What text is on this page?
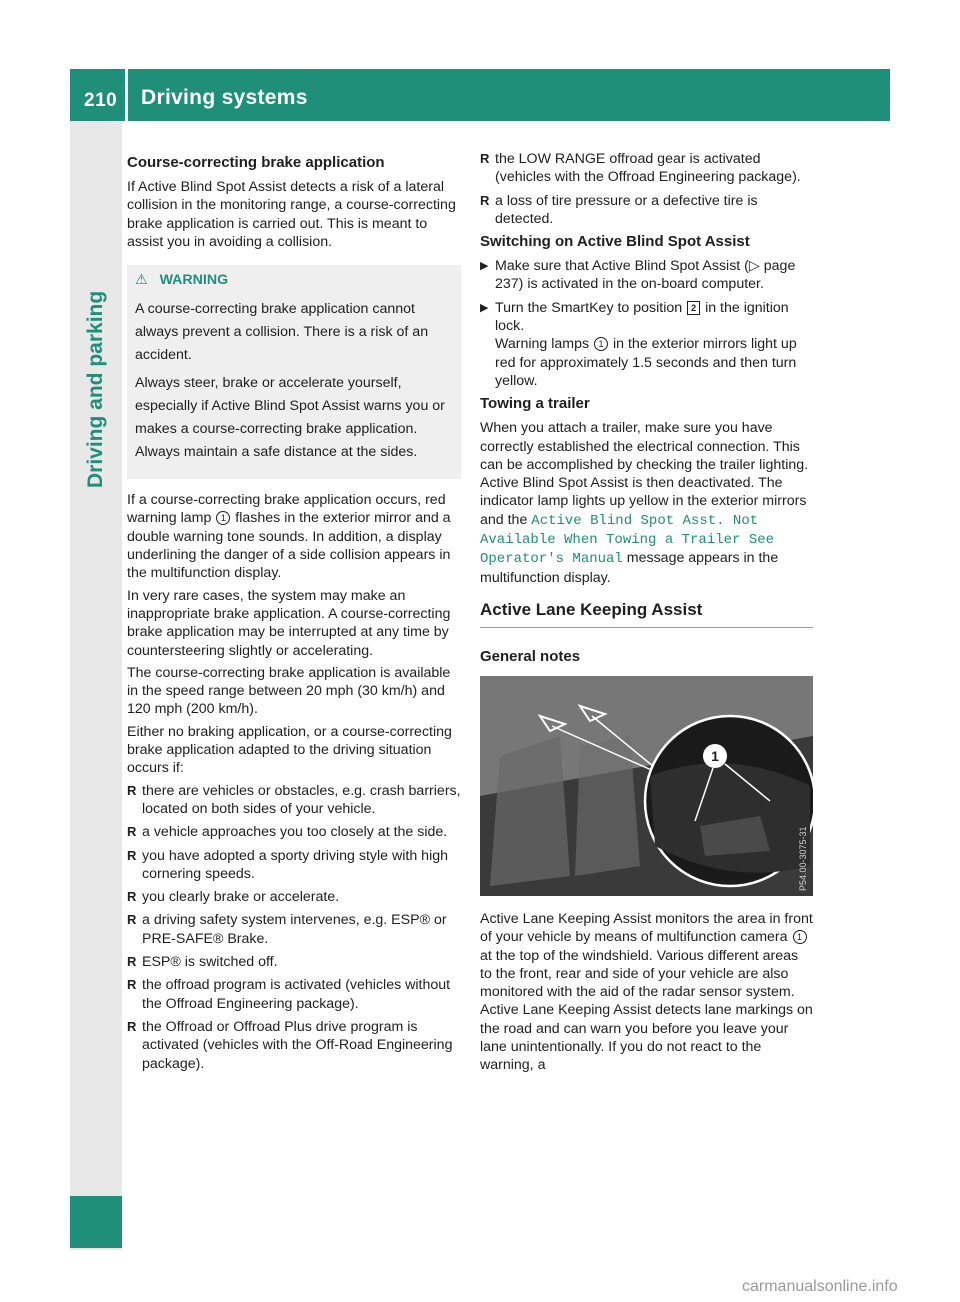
210 Driving systems
Driving and parking
Course-correcting brake application

If Active Blind Spot Assist detects a risk of a lateral collision in the monitoring range, a course-correcting brake application is carried out. This is meant to assist you in avoiding a collision.

⚠ WARNING

A course-correcting brake application cannot always prevent a collision. There is a risk of an accident.

Always steer, brake or accelerate yourself, especially if Active Blind Spot Assist warns you or makes a course-correcting brake application. Always maintain a safe distance at the sides.

If a course-correcting brake application occurs, red warning lamp 1 flashes in the exterior mirror and a double warning tone sounds. In addition, a display underlining the danger of a side collision appears in the multifunction display.

In very rare cases, the system may make an inappropriate brake application. A course-correcting brake application may be interrupted at any time by countersteering slightly or accelerating.

The course-correcting brake application is available in the speed range between 20 mph (30 km/h) and 120 mph (200 km/h).

Either no braking application, or a course-correcting brake application adapted to the driving situation occurs if:

R there are vehicles or obstacles, e.g. crash barriers, located on both sides of your vehicle.
R a vehicle approaches you too closely at the side.
R you have adopted a sporty driving style with high cornering speeds.
R you clearly brake or accelerate.
R a driving safety system intervenes, e.g. ESP® or PRE-SAFE® Brake.
R ESP® is switched off.
R the offroad program is activated (vehicles without the Offroad Engineering package).
R the Offroad or Offroad Plus drive program is activated (vehicles with the Off-Road Engineering package).
R the LOW RANGE offroad gear is activated (vehicles with the Offroad Engineering package).
R a loss of tire pressure or a defective tire is detected.
Switching on Active Blind Spot Assist
▶ Make sure that Active Blind Spot Assist (▷ page 237) is activated in the on-board computer.
▶ Turn the SmartKey to position 2 in the ignition lock.
Warning lamps 1 in the exterior mirrors light up red for approximately 1.5 seconds and then turn yellow.
Towing a trailer

When you attach a trailer, make sure you have correctly established the electrical connection. This can be accomplished by checking the trailer lighting. Active Blind Spot Assist is then deactivated. The indicator lamp lights up yellow in the exterior mirrors and the Active Blind Spot Asst. Not Available When Towing a Trailer See Operator's Manual message appears in the multifunction display.

Active Lane Keeping Assist
General notes
1
P54.00-3075-31

Active Lane Keeping Assist monitors the area in front of your vehicle by means of multifunction camera 1 at the top of the windshield. Various different areas to the front, rear and side of your vehicle are also monitored with the aid of the radar sensor system. Active Lane Keeping Assist detects lane markings on the road and can warn you before you leave your lane unintentionally. If you do not react to the warning, a

carmanualsonline.info
